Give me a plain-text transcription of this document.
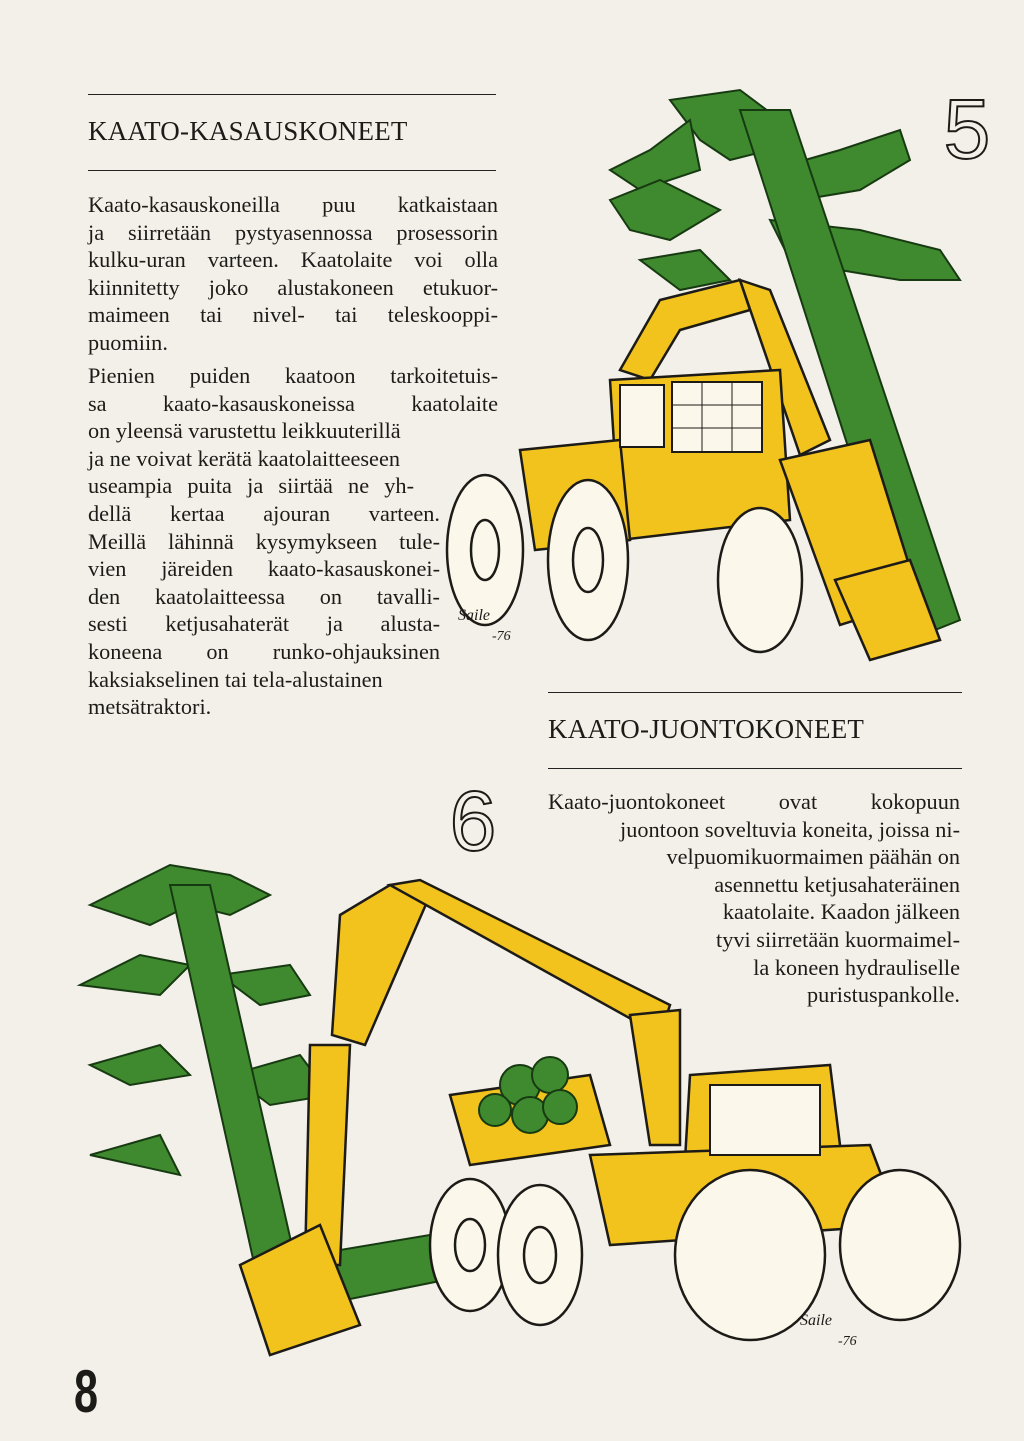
KAATO-KASAUSKONEET
Kaato-kasauskoneilla puu katkaistaan
ja siirretään pystyasennossa prosessorin
kulku-uran varteen. Kaatolaite voi olla
kiinnitetty joko alustakoneen etukuor-
maimeen tai nivel- tai teleskooppi-
puomiin.
Pienien puiden kaatoon tarkoitetuis-
sa kaato-kasauskoneissa kaatolaite
on yleensä varustettu leikkuuterillä
ja ne voivat kerätä kaatolaitteeseen
useampia puita ja siirtää ne yh-
dellä kertaa ajouran varteen.
Meillä lähinnä kysymykseen tule-
vien järeiden kaato-kasauskonei-
den kaatolaitteessa on tavalli-
sesti ketjusahaterät ja alusta-
koneena on runko-ohjauksinen
kaksiakselinen tai tela-alustainen
metsätraktori.
Saile
-76
5
KAATO-JUONTOKONEET
Kaato-juontokoneet ovat kokopuun
juontoon soveltuvia koneita, joissa ni-
velpuomikuormaimen päähän on
asennettu ketjusahateräinen
kaatolaite. Kaadon jälkeen
tyvi siirretään kuormaimel-
la koneen hydrauliselle
puristuspankolle.
6
Saile
-76
8
